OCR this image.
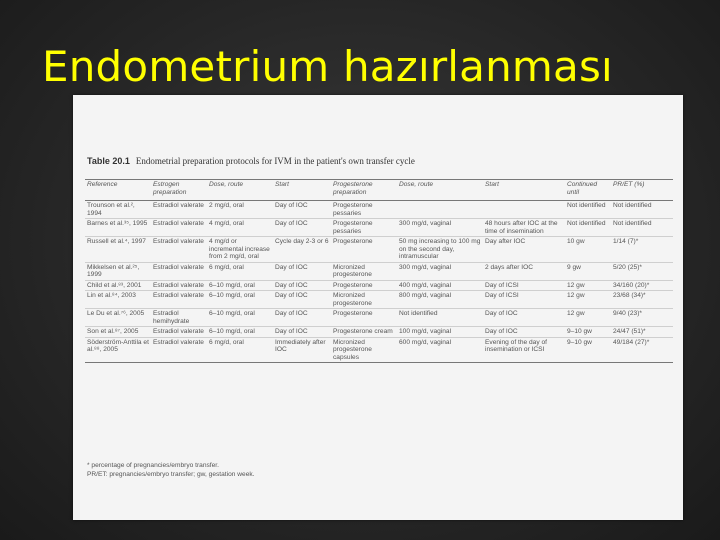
Endometrium hazırlanması
Table 20.1 Endometrial preparation protocols for IVM in the patient's own transfer cycle
Reference	Estrogen preparation	Dose, route	Start	Progesterone preparation	Dose, route	Start	Continued until	PR/ET (%)
Trounson et al.², 1994	Estradiol valerate	2 mg/d, oral	Day of IOC	Progesterone pessaries			Not identified	Not identified
Barnes et al.³⁵, 1995	Estradiol valerate	4 mg/d, oral	Day of IOC	Progesterone pessaries	300 mg/d, vaginal	48 hours after IOC at the time of insemination	Not identified	Not identified
Russell et al.⁴, 1997	Estradiol valerate	4 mg/d or incremental increase from 2 mg/d, oral	Cycle day 2-3 or 6	Progesterone	50 mg increasing to 100 mg on the second day, intramuscular	Day after IOC	10 gw	1/14 (7)*
Mikkelsen et al.²⁵, 1999	Estradiol valerate	6 mg/d, oral	Day of IOC	Micronized progesterone	300 mg/d, vaginal	2 days after IOC	9 gw	5/20 (25)*
Child et al.⁸³, 2001	Estradiol valerate	6–10 mg/d, oral	Day of IOC	Progesterone	400 mg/d, vaginal	Day of ICSI	12 gw	34/160 (20)*
Lin et al.⁸⁴, 2003	Estradiol valerate	6–10 mg/d, oral	Day of IOC	Micronized progesterone	800 mg/d, vaginal	Day of ICSI	12 gw	23/68 (34)*
Le Du et al.⁷⁶, 2005	Estradiol hemihydrate	6–10 mg/d, oral	Day of IOC	Progesterone	Not identified	Day of IOC	12 gw	9/40 (23)*
Son et al.⁸⁷, 2005	Estradiol valerate	6–10 mg/d, oral	Day of IOC	Progesterone cream	100 mg/d, vaginal	Day of IOC	9–10 gw	24/47 (51)*
Söderström-Anttila et al.⁸⁸, 2005	Estradiol valerate	6 mg/d, oral	Immediately after IOC	Micronized progesterone capsules	600 mg/d, vaginal	Evening of the day of insemination or ICSI	9–10 gw	49/184 (27)*
* percentage of pregnancies/embryo transfer.
PR/ET: pregnancies/embryo transfer; gw, gestation week.
